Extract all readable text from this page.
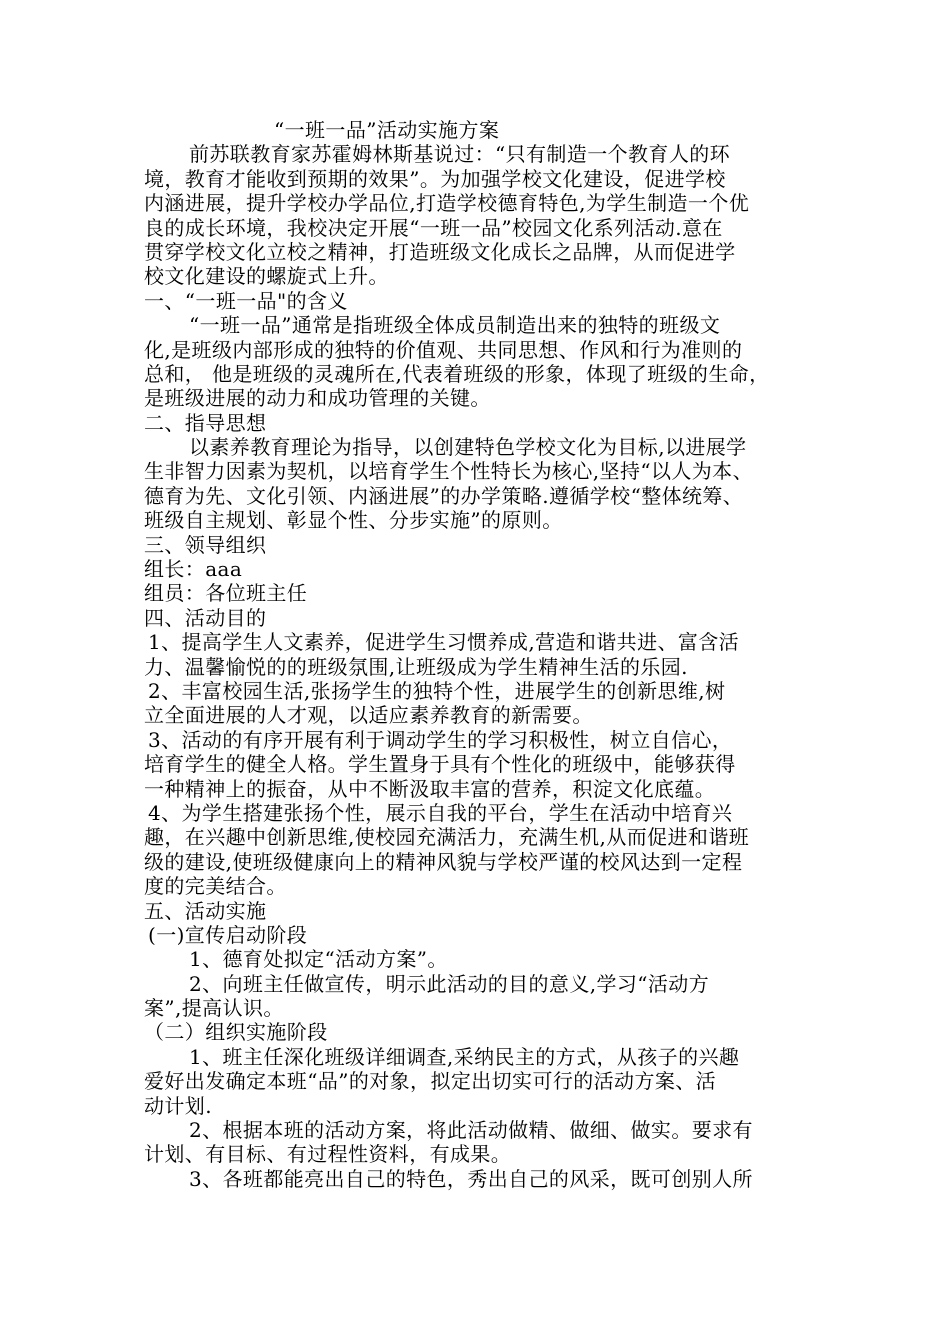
“一班一品”活动实施方案
前苏联教育家苏霍姆林斯基说过：“只有制造一个教育人的环
境，教育才能收到预期的效果”。为加强学校文化建设，促进学校
内涵进展，提升学校办学品位,打造学校德育特色,为学生制造一个优
良的成长环境，我校决定开展“一班一品”校园文化系列活动.意在
贯穿学校文化立校之精神，打造班级文化成长之品牌，从而促进学
校文化建设的螺旋式上升。
一、“一班一品"的含义
“一班一品”通常是指班级全体成员制造出来的独特的班级文
化,是班级内部形成的独特的价值观、共同思想、作风和行为准则的
总和， 他是班级的灵魂所在,代表着班级的形象，体现了班级的生命，
是班级进展的动力和成功管理的关键。
二、指导思想
以素养教育理论为指导，以创建特色学校文化为目标,以进展学
生非智力因素为契机，以培育学生个性特长为核心,坚持“以人为本、
德育为先、文化引领、内涵进展”的办学策略.遵循学校“整体统筹、
班级自主规划、彰显个性、分步实施”的原则。
三、领导组织
组长：aaa
组员：各位班主任
四、活动目的
1、提高学生人文素养，促进学生习惯养成,营造和谐共进、富含活
力、温馨愉悦的的班级氛围,让班级成为学生精神生活的乐园.
2、丰富校园生活,张扬学生的独特个性，进展学生的创新思维,树
立全面进展的人才观，以适应素养教育的新需要。
3、活动的有序开展有利于调动学生的学习积极性，树立自信心，
培育学生的健全人格。学生置身于具有个性化的班级中，能够获得
一种精神上的振奋，从中不断汲取丰富的营养，积淀文化底蕴。
4、为学生搭建张扬个性，展示自我的平台，学生在活动中培育兴
趣，在兴趣中创新思维,使校园充满活力，充满生机,从而促进和谐班
级的建设,使班级健康向上的精神风貌与学校严谨的校风达到一定程
度的完美结合。
五、活动实施
(一)宣传启动阶段
1、德育处拟定“活动方案”。
2、向班主任做宣传，明示此活动的目的意义,学习“活动方
案”,提高认识。
（二）组织实施阶段
1、班主任深化班级详细调查,采纳民主的方式，从孩子的兴趣
爱好出发确定本班“品”的对象，拟定出切实可行的活动方案、活
动计划.
2、根据本班的活动方案，将此活动做精、做细、做实。要求有
计划、有目标、有过程性资料，有成果。
3、各班都能亮出自己的特色，秀出自己的风采，既可创别人所
